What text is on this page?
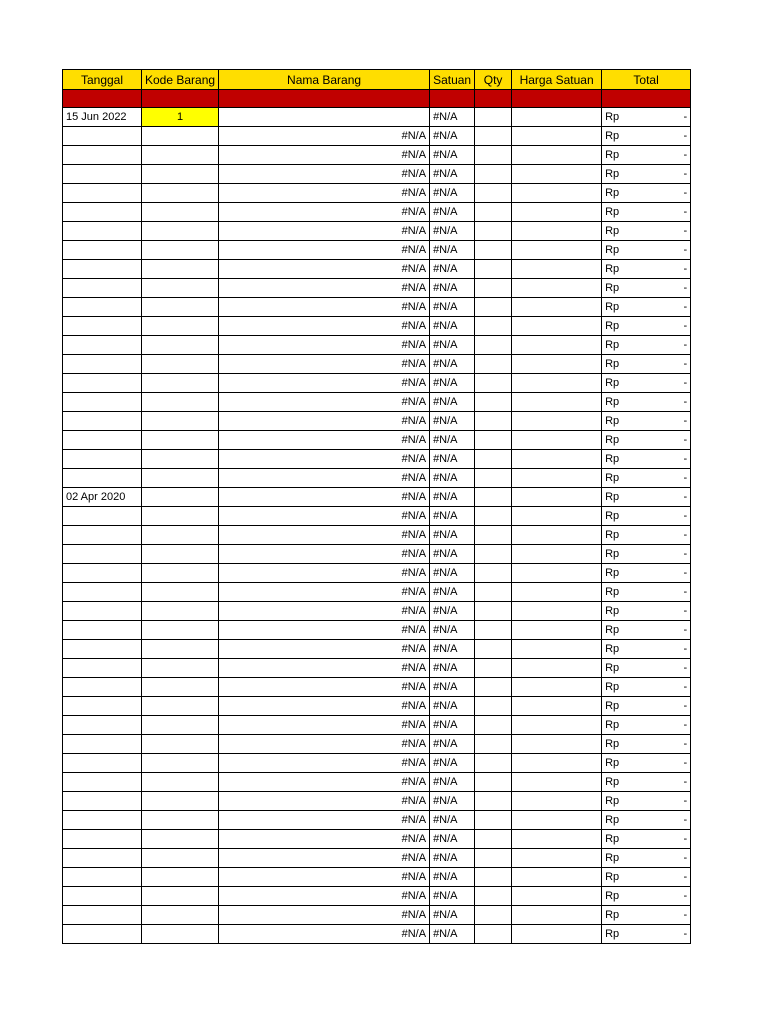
Tanggal	Kode Barang	Nama Barang	Satuan	Qty	Harga Satuan	Total

15 Jun 2022	1		#N/A			Rp -

		#N/A	#N/A			Rp -

		#N/A	#N/A			Rp -

		#N/A	#N/A			Rp -

		#N/A	#N/A			Rp -

		#N/A	#N/A			Rp -

		#N/A	#N/A			Rp -

		#N/A	#N/A			Rp -

		#N/A	#N/A			Rp -

		#N/A	#N/A			Rp -

		#N/A	#N/A			Rp -

		#N/A	#N/A			Rp -

		#N/A	#N/A			Rp -

		#N/A	#N/A			Rp -

		#N/A	#N/A			Rp -

		#N/A	#N/A			Rp -

		#N/A	#N/A			Rp -

		#N/A	#N/A			Rp -

		#N/A	#N/A			Rp -

		#N/A	#N/A			Rp -

02 Apr 2020		#N/A	#N/A			Rp -

		#N/A	#N/A			Rp -

		#N/A	#N/A			Rp -

		#N/A	#N/A			Rp -

		#N/A	#N/A			Rp -

		#N/A	#N/A			Rp -

		#N/A	#N/A			Rp -

		#N/A	#N/A			Rp -

		#N/A	#N/A			Rp -

		#N/A	#N/A			Rp -

		#N/A	#N/A			Rp -

		#N/A	#N/A			Rp -

		#N/A	#N/A			Rp -

		#N/A	#N/A			Rp -

		#N/A	#N/A			Rp -

		#N/A	#N/A			Rp -

		#N/A	#N/A			Rp -

		#N/A	#N/A			Rp -

		#N/A	#N/A			Rp -

		#N/A	#N/A			Rp -

		#N/A	#N/A			Rp -

		#N/A	#N/A			Rp -

		#N/A	#N/A			Rp -

		#N/A	#N/A			Rp -
